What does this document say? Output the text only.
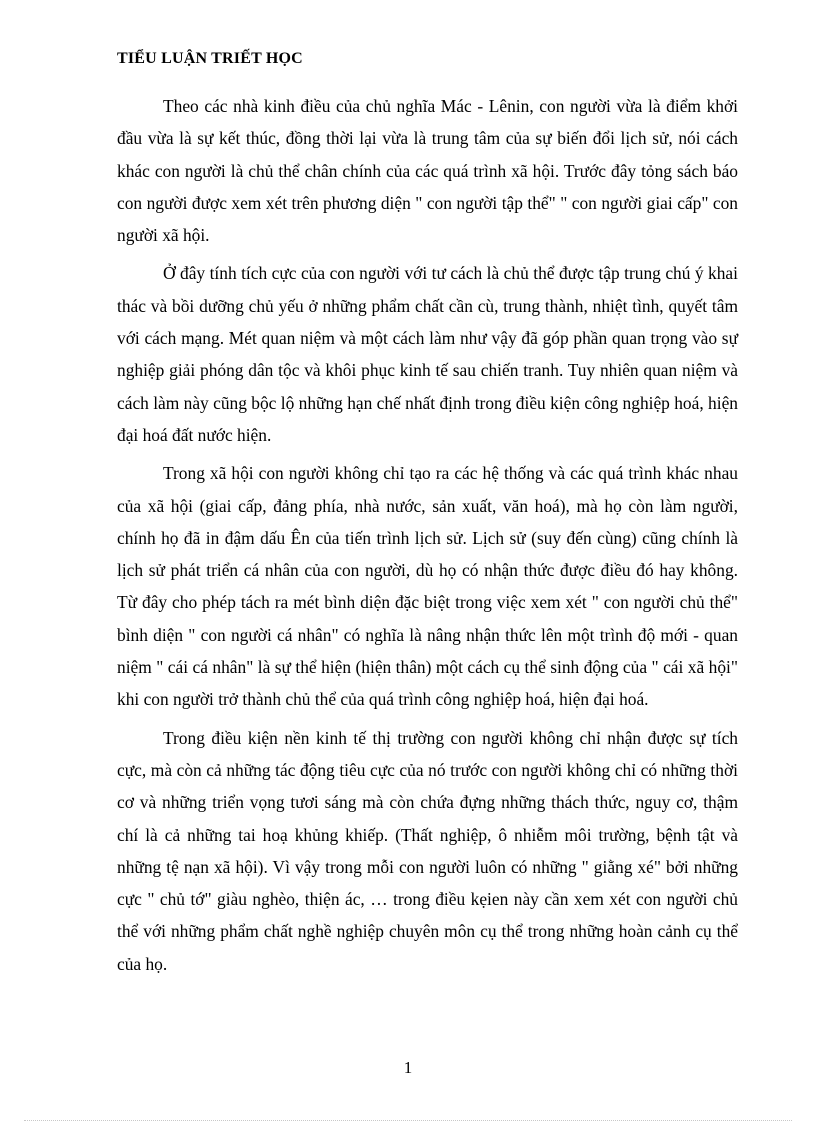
TIỂU LUẬN TRIẾT HỌC

Theo các nhà kinh điều của chủ nghĩa Mác - Lênin, con người vừa là điểm khởi đầu vừa là sự kết thúc, đồng thời lại vừa là trung tâm của sự biến đổi lịch sử, nói cách khác con người là chủ thể chân chính của các quá trình xã hội. Trước đây tỏng sách báo con người được xem xét trên phương diện " con người tập thể" " con người giai cấp" con người xã hội.

Ở đây tính tích cực của con người với tư cách là chủ thể được tập trung chú ý khai thác và bồi dưỡng chủ yếu ở những phẩm chất cần cù, trung thành, nhiệt tình, quyết tâm với cách mạng. Mét quan niệm và một cách làm như vậy đã góp phần quan trọng vào sự nghiệp giải phóng dân tộc và khôi phục kinh tế sau chiến tranh. Tuy nhiên quan niệm và cách làm này cũng bộc lộ những hạn chế nhất định trong điều kiện công nghiệp hoá, hiện đại hoá đất nước hiện.

Trong xã hội con người không chỉ tạo ra các hệ thống và các quá trình khác nhau của xã hội (giai cấp, đảng phía, nhà nước, sản xuất, văn hoá), mà họ còn làm người, chính họ đã in đậm dấu Ên của tiến trình lịch sử. Lịch sử (suy đến cùng) cũng chính là lịch sử phát triển cá nhân của con người, dù họ có nhận thức được điều đó hay không. Từ đây cho phép tách ra mét bình diện đặc biệt trong việc xem xét " con người chủ thể" bình diện " con người cá nhân" có nghĩa là nâng nhận thức lên một trình độ mới - quan niệm " cái cá nhân" là sự thể hiện (hiện thân) một cách cụ thể sinh động của " cái xã hội" khi con người trở thành chủ thể của quá trình công nghiệp hoá, hiện đại hoá.

Trong điều kiện nền kinh tế thị trường con người không chỉ nhận được sự tích cực, mà còn cả những tác động tiêu cực của nó trước con người không chỉ có những thời cơ và những triển vọng tươi sáng mà còn chứa đựng những thách thức, nguy cơ, thậm chí là cả những tai hoạ khủng khiếp. (Thất nghiệp, ô nhiễm môi trường, bệnh tật và những tệ nạn xã hội). Vì vậy trong mỗi con người luôn có những " giằng xé" bởi những cực " chủ tớ" giàu nghèo, thiện ác, … trong điều kẹien này cần xem xét con người chủ thể với những phẩm chất nghề nghiệp chuyên môn cụ thể trong những hoàn cảnh cụ thể của họ.

1
